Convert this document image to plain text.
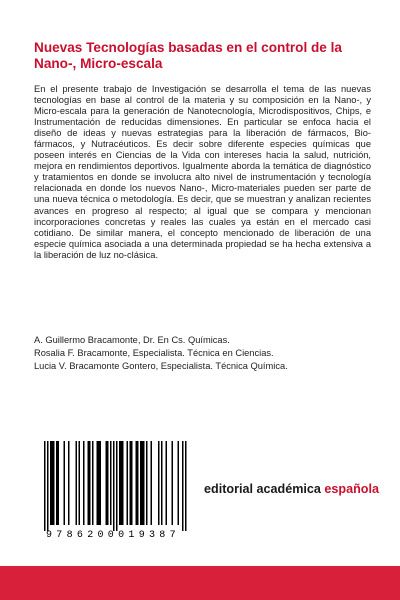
Nuevas Tecnologías basadas en el control de la Nano-, Micro-escala

En el presente trabajo de Investigación se desarrolla el tema de las nuevas tecnologías en base al control de la materia y su composición en la Nano-, y Micro-escala para la generación de Nanotecnología, Microdispositivos, Chips, e Instrumentación de reducidas dimensiones. En particular se enfoca hacia el diseño de ideas y nuevas estrategias para la liberación de fármacos, Bio-fármacos, y Nutracéuticos. Es decir sobre diferente especies químicas que poseen interés en Ciencias de la Vida con intereses hacia la salud, nutrición, mejora en rendimientos deportivos. Igualmente aborda la temática de diagnóstico y tratamientos en donde se involucra alto nivel de instrumentación y tecnología relacionada en donde los nuevos Nano-, Micro-materiales pueden ser parte de una nueva técnica o metodología. Es decir, que se muestran y analizan recientes avances en progreso al respecto; al igual que se compara y mencionan incorporaciones concretas y reales las cuales ya están en el mercado casi cotidiano. De similar manera, el concepto mencionado de liberación de una especie química asociada a una determinada propiedad se ha hecha extensiva a la liberación de luz no-clásica.

A. Guillermo Bracamonte, Dr. En Cs. Químicas.
Rosalia F. Bracamonte, Especialista. Técnica en Ciencias.
Lucia V. Bracamonte Gontero, Especialista. Técnica Química.
9786200019387
editorial académica española
